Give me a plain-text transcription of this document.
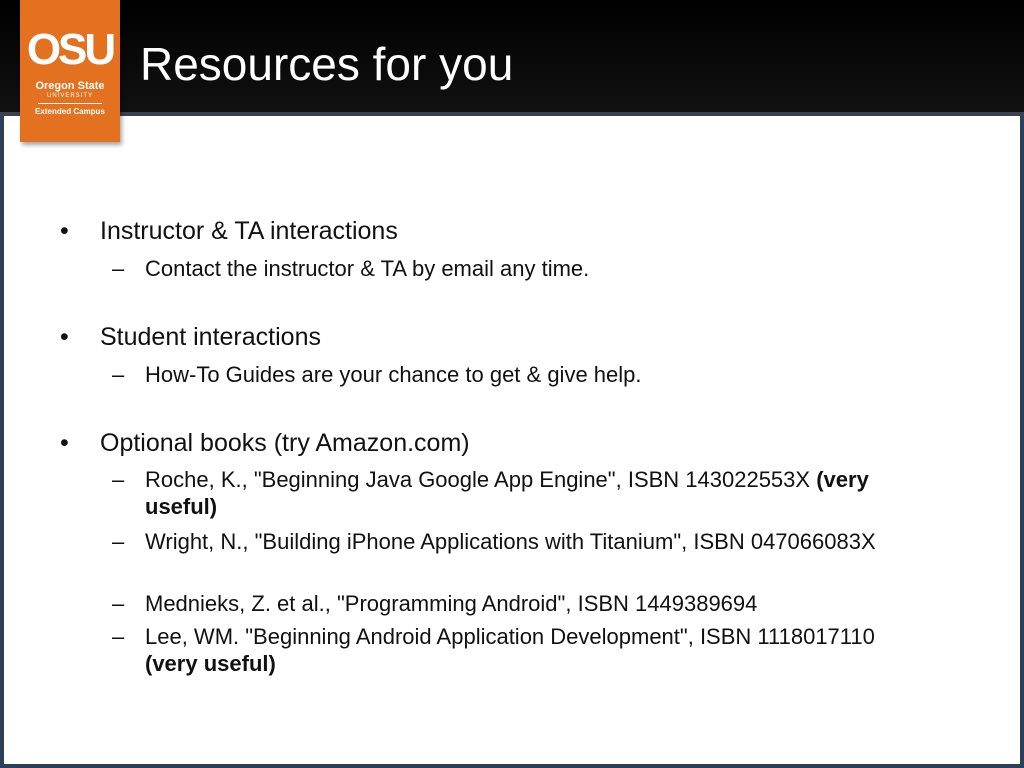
Resources for you
OSU
Oregon State
UNIVERSITY
Extended Campus
• Instructor & TA interactions
– Contact the instructor & TA by email any time.
• Student interactions
– How-To Guides are your chance to get & give help.
• Optional books (try Amazon.com)
– Roche, K., "Beginning Java Google App Engine", ISBN 143022553X (very useful)
– Wright, N., "Building iPhone Applications with Titanium", ISBN 047066083X
– Mednieks, Z. et al., "Programming Android", ISBN 1449389694
– Lee, WM. "Beginning Android Application Development", ISBN 1118017110  (very useful)
